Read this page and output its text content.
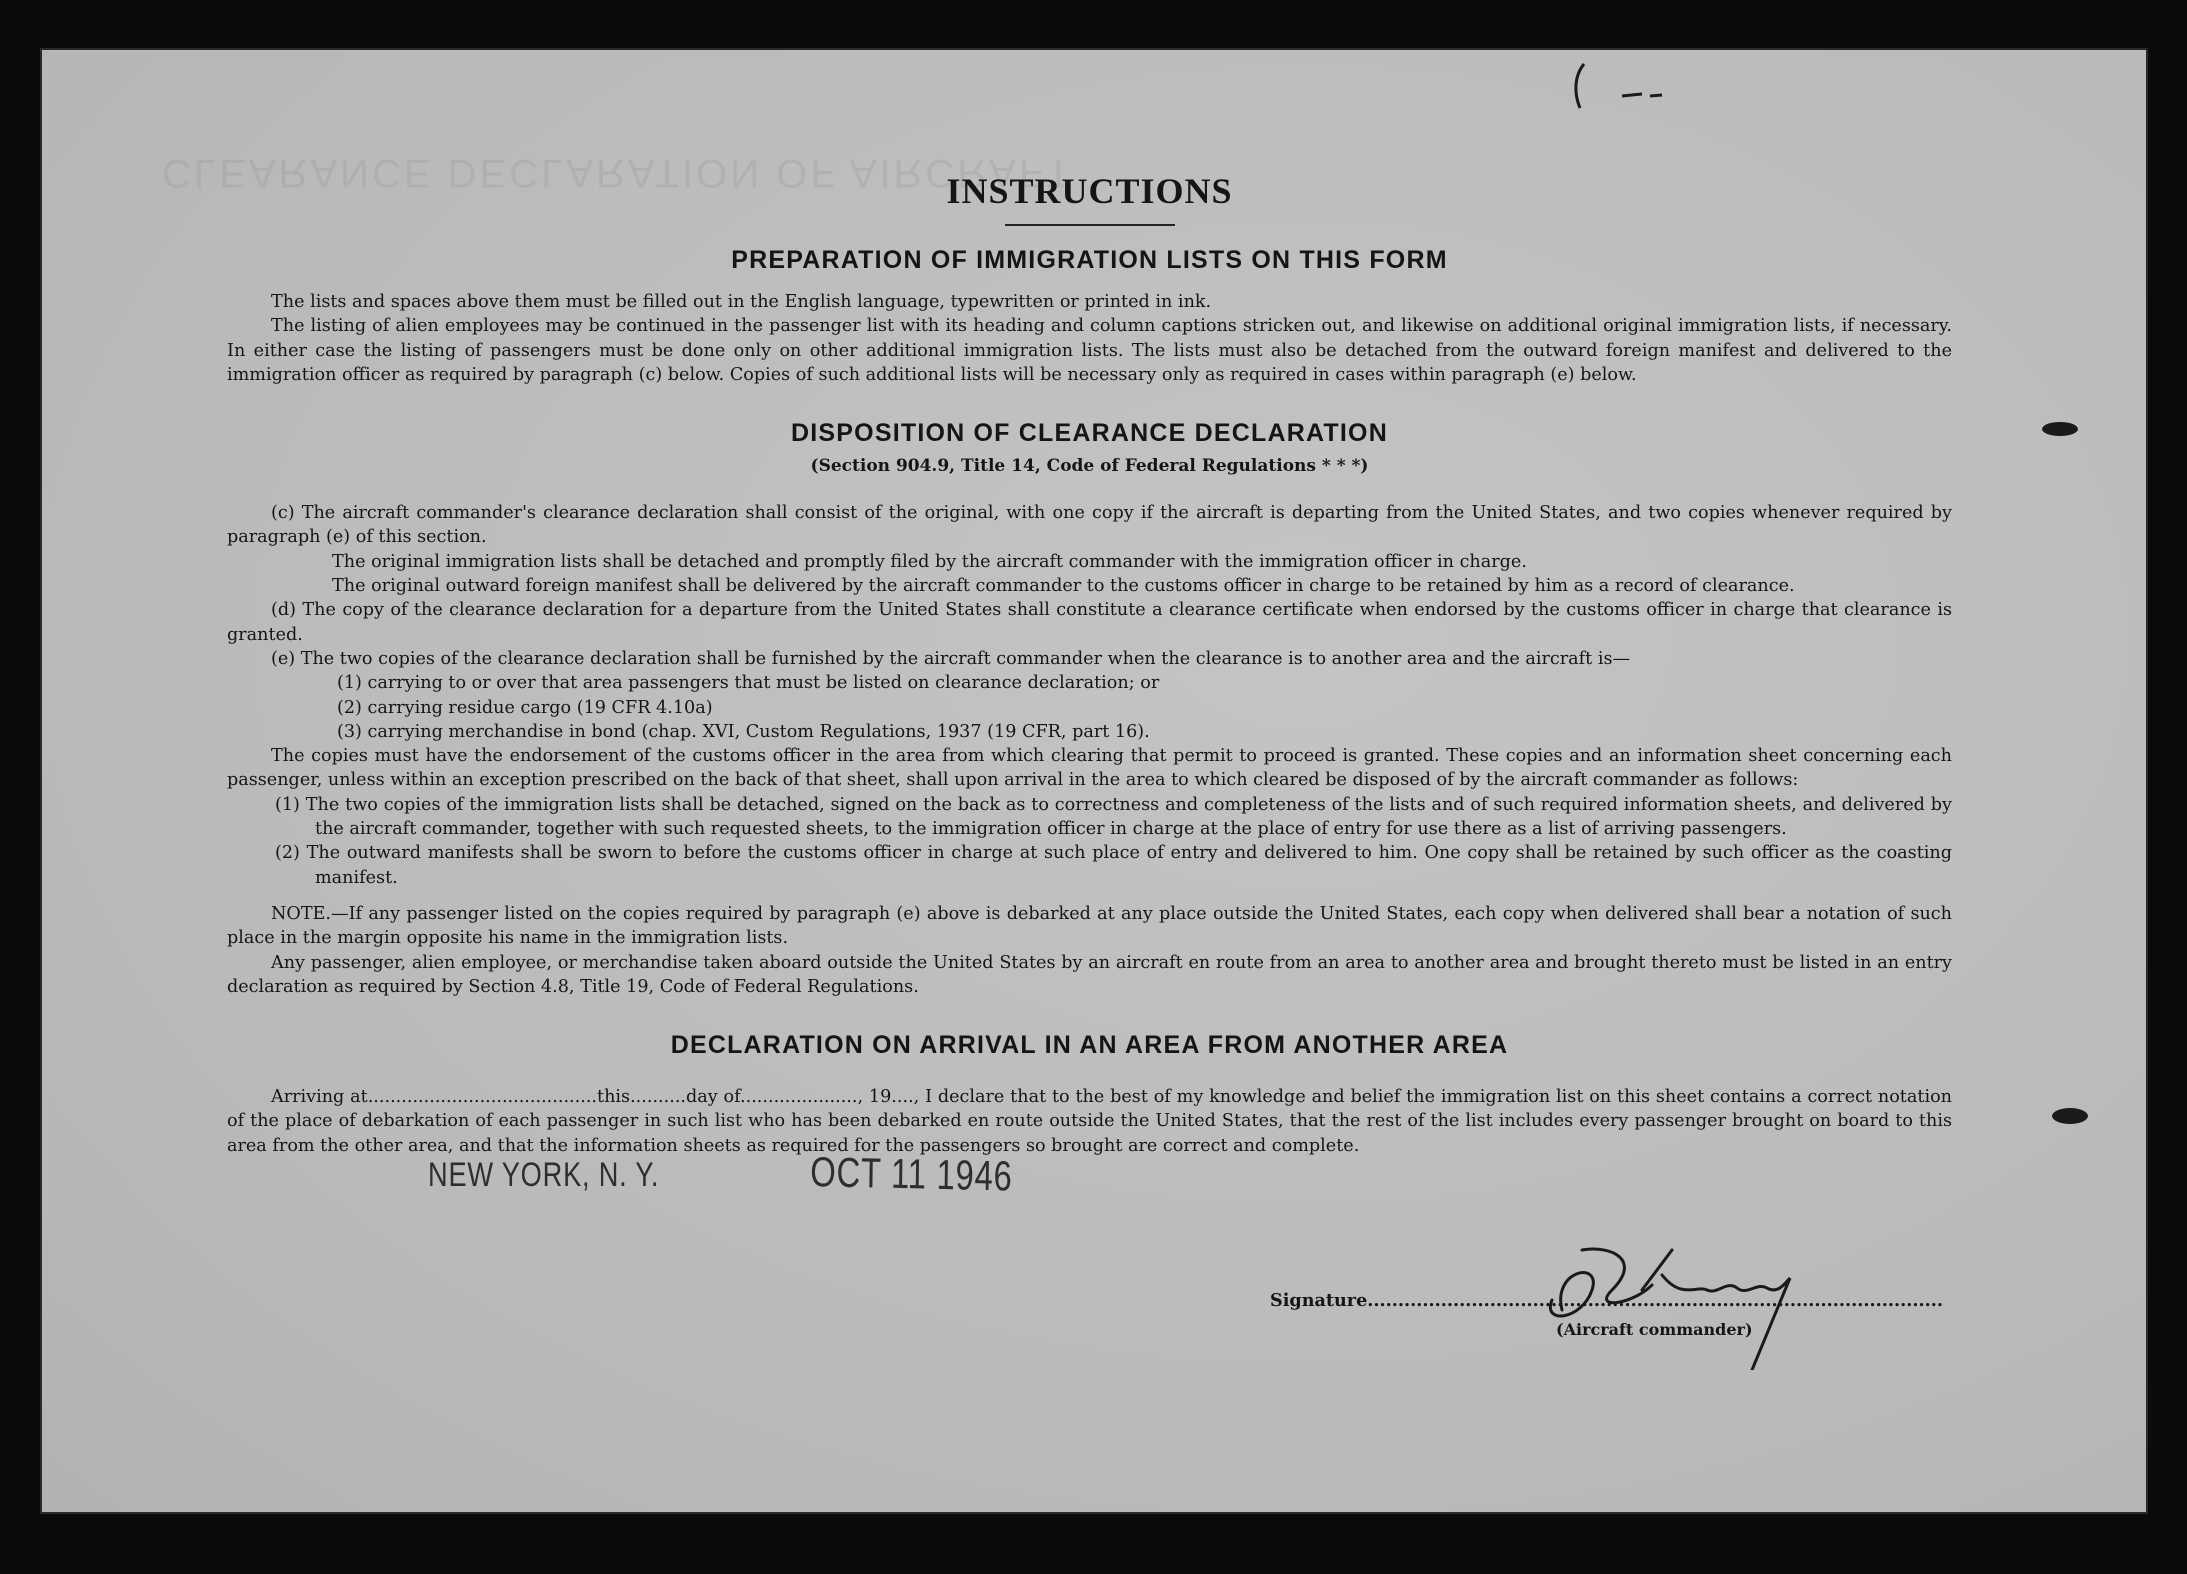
CLEARANCE DECLARATION OF AIRCRAFT
INSTRUCTIONS
PREPARATION OF IMMIGRATION LISTS ON THIS FORM

The lists and spaces above them must be filled out in the English language, typewritten or printed in ink.

The listing of alien employees may be continued in the passenger list with its heading and column captions stricken out, and likewise on additional original immigration lists, if necessary. In either case the listing of passengers must be done only on other additional immigration lists. The lists must also be detached from the outward foreign manifest and delivered to the immigration officer as required by paragraph (c) below. Copies of such additional lists will be necessary only as required in cases within paragraph (e) below.

DISPOSITION OF CLEARANCE DECLARATION
(Section 904.9, Title 14, Code of Federal Regulations * * *)

(c) The aircraft commander's clearance declaration shall consist of the original, with one copy if the aircraft is departing from the United States, and two copies whenever required by paragraph (e) of this section.

The original immigration lists shall be detached and promptly filed by the aircraft commander with the immigration officer in charge.

The original outward foreign manifest shall be delivered by the aircraft commander to the customs officer in charge to be retained by him as a record of clearance.

(d) The copy of the clearance declaration for a departure from the United States shall constitute a clearance certificate when endorsed by the customs officer in charge that clearance is granted.

(e) The two copies of the clearance declaration shall be furnished by the aircraft commander when the clearance is to another area and the aircraft is—

(1) carrying to or over that area passengers that must be listed on clearance declaration; or

(2) carrying residue cargo (19 CFR 4.10a)

(3) carrying merchandise in bond (chap. XVI, Custom Regulations, 1937 (19 CFR, part 16).

The copies must have the endorsement of the customs officer in the area from which clearing that permit to proceed is granted. These copies and an information sheet concerning each passenger, unless within an exception prescribed on the back of that sheet, shall upon arrival in the area to which cleared be disposed of by the aircraft commander as follows:

(1) The two copies of the immigration lists shall be detached, signed on the back as to correctness and completeness of the lists and of such required information sheets, and delivered by the aircraft commander, together with such requested sheets, to the immigration officer in charge at the place of entry for use there as a list of arriving passengers.

(2) The outward manifests shall be sworn to before the customs officer in charge at such place of entry and delivered to him. One copy shall be retained by such officer as the coasting manifest.

NOTE.—If any passenger listed on the copies required by paragraph (e) above is debarked at any place outside the United States, each copy when delivered shall bear a notation of such place in the margin opposite his name in the immigration lists.

Any passenger, alien employee, or merchandise taken aboard outside the United States by an aircraft en route from an area to another area and brought thereto must be listed in an entry declaration as required by Section 4.8, Title 19, Code of Federal Regulations.

DECLARATION ON ARRIVAL IN AN AREA FROM ANOTHER AREA

Arriving at.........................................this..........day of....................., 19...., I declare that to the best of my knowledge and belief the immigration list on this sheet contains a correct notation of the place of debarkation of each passenger in such list who has been debarked en route outside the United States, that the rest of the list includes every passenger brought on board to this area from the other area, and that the information sheets as required for the passengers so brought are correct and complete.

NEW YORK, N. Y.	OCT 11 1946
Signature..............................................................................................
(Aircraft commander)
